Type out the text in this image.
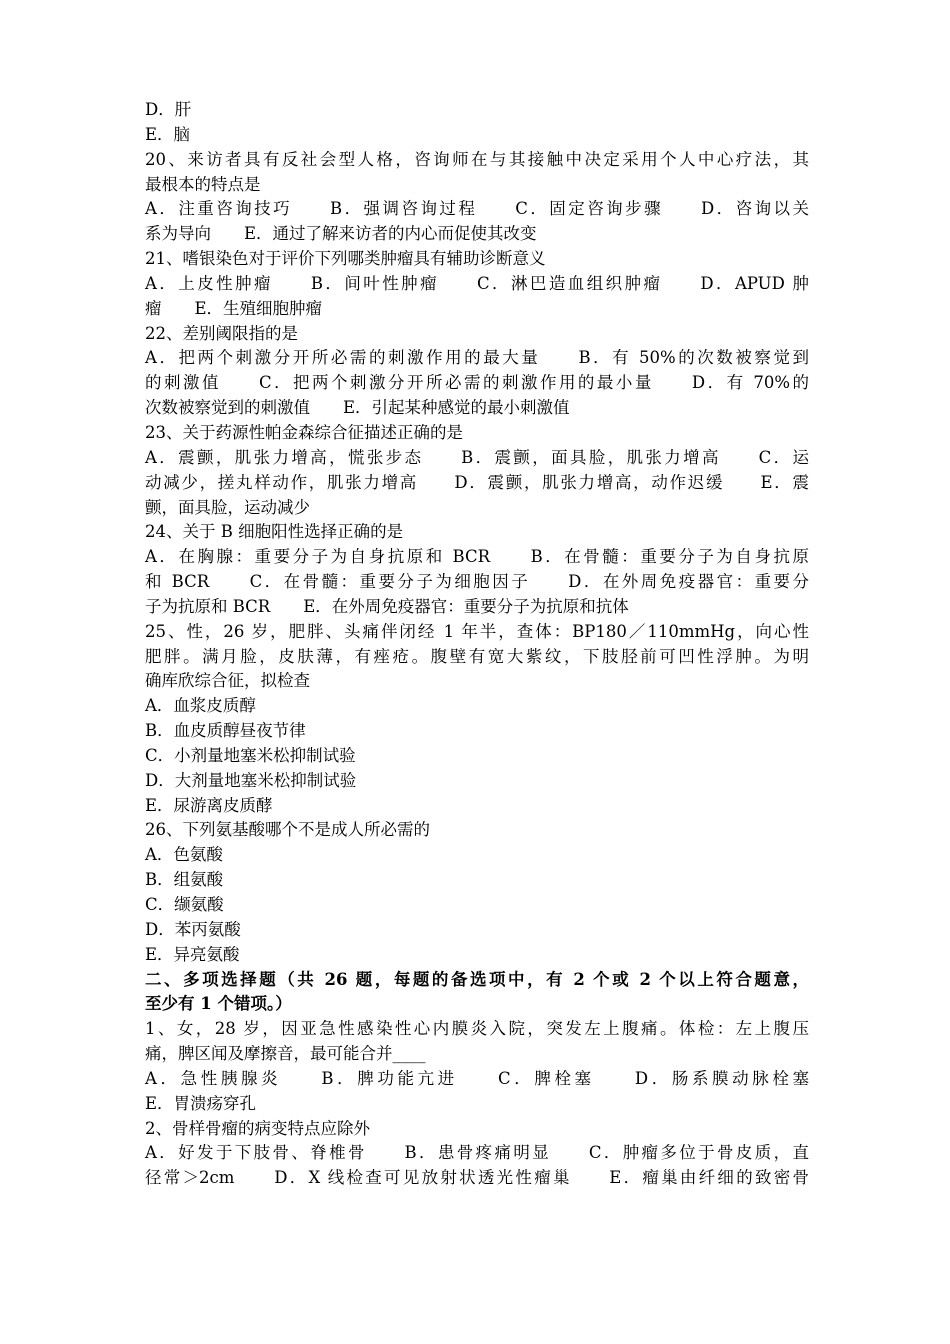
D．肝
E．脑
20、来访者具有反社会型人格，咨询师在与其接触中决定采用个人中心疗法，其
最根本的特点是
A．注重咨询技巧　　B．强调咨询过程　　C．固定咨询步骤　　D．咨询以关
系为导向　　E．通过了解来访者的内心而促使其改变
21、嗜银染色对于评价下列哪类肿瘤具有辅助诊断意义
A．上皮性肿瘤　　B．间叶性肿瘤　　C．淋巴造血组织肿瘤　　D．APUD 肿
瘤　　E．生殖细胞肿瘤
22、差别阈限指的是
A．把两个刺激分开所必需的刺激作用的最大量　　B．有 50%的次数被察觉到
的刺激值　　C．把两个刺激分开所必需的刺激作用的最小量　　D．有 70%的
次数被察觉到的刺激值　　E．引起某种感觉的最小刺激值
23、关于药源性帕金森综合征描述正确的是
A．震颤，肌张力增高，慌张步态　　B．震颤，面具脸，肌张力增高　　C．运
动减少，搓丸样动作，肌张力增高　　D．震颤，肌张力增高，动作迟缓　　E．震
颤，面具脸，运动减少
24、关于 B 细胞阳性选择正确的是
A．在胸腺：重要分子为自身抗原和 BCR　　B．在骨髓：重要分子为自身抗原
和 BCR　　C．在骨髓：重要分子为细胞因子　　D．在外周免疫器官：重要分
子为抗原和 BCR　　E．在外周免疫器官：重要分子为抗原和抗体
25、性，26 岁，肥胖、头痛伴闭经 1 年半，查体：BP180／110mmHg，向心性
肥胖。满月脸，皮肤薄，有痤疮。腹壁有宽大紫纹，下肢胫前可凹性浮肿。为明
确库欣综合征，拟检查
A．血浆皮质醇
B．血皮质醇昼夜节律
C．小剂量地塞米松抑制试验
D．大剂量地塞米松抑制试验
E．尿游离皮质酵
26、下列氨基酸哪个不是成人所必需的
A．色氨酸
B．组氨酸
C．缬氨酸
D．苯丙氨酸
E．异亮氨酸
二、多项选择题（共 26 题，每题的备选项中，有 2 个或 2 个以上符合题意，
至少有 1 个错项。）
1、女，28 岁，因亚急性感染性心内膜炎入院，突发左上腹痛。体检：左上腹压
痛，脾区闻及摩擦音，最可能合并____
A．急性胰腺炎　　B．脾功能亢进　　C．脾栓塞　　D．肠系膜动脉栓塞
E．胃溃疡穿孔
2、骨样骨瘤的病变特点应除外
A．好发于下肢骨、脊椎骨　　B．患骨疼痛明显　　C．肿瘤多位于骨皮质，直
径常＞2cm　　D．X 线检查可见放射状透光性瘤巢　　E．瘤巢由纤细的致密骨
